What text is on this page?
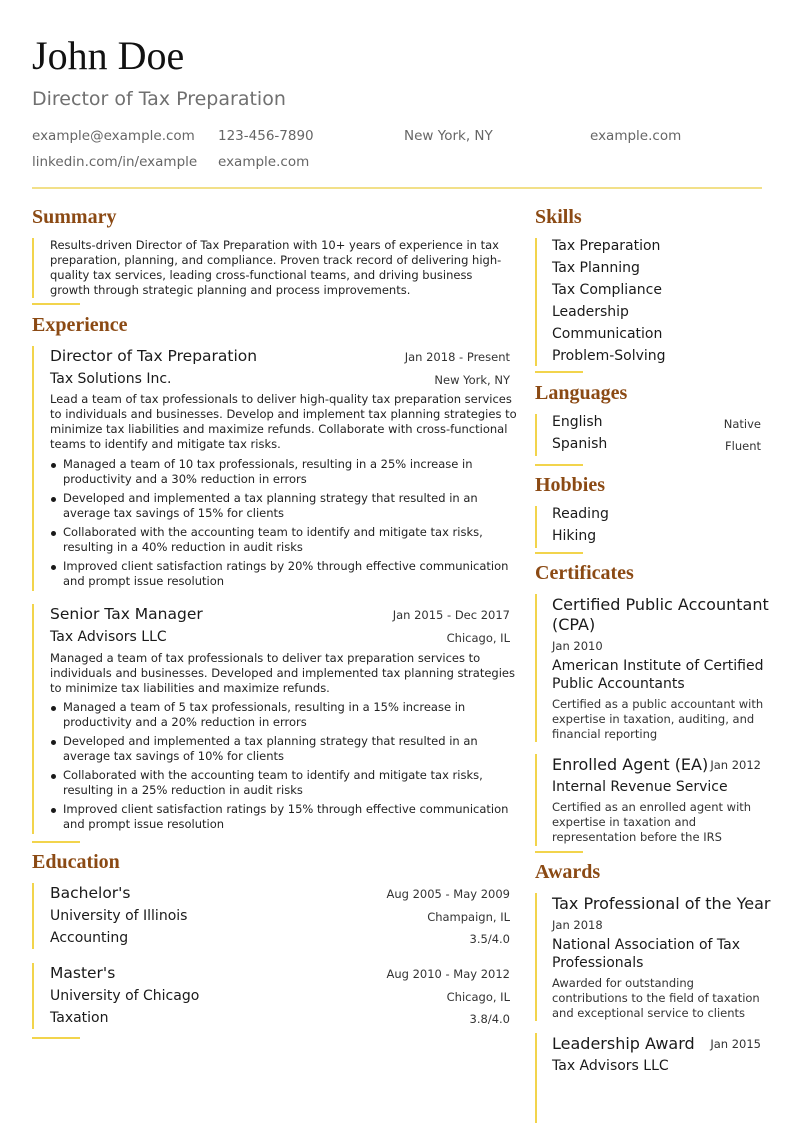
John Doe
Director of Tax Preparation
example@example.com 123-456-7890	New York, NY	example.com
linkedin.com/in/example example.com
Summary
Results-driven Director of Tax Preparation with 10+ years of experience in tax
preparation, planning, and compliance. Proven track record of delivering high-
quality tax services, leading cross-functional teams, and driving business
growth through strategic planning and process improvements.
Experience
Director of Tax Preparation	Jan 2018 - Present
Tax Solutions Inc.	New York, NY
Lead a team of tax professionals to deliver high-quality tax preparation services
to individuals and businesses. Develop and implement tax planning strategies to
minimize tax liabilities and maximize refunds. Collaborate with cross-functional
teams to identify and mitigate tax risks.
Managed a team of 10 tax professionals, resulting in a 25% increase in
productivity and a 30% reduction in errors
Developed and implemented a tax planning strategy that resulted in an
average tax savings of 15% for clients
Collaborated with the accounting team to identify and mitigate tax risks,
resulting in a 40% reduction in audit risks
Improved client satisfaction ratings by 20% through effective communication
and prompt issue resolution
Senior Tax Manager	Jan 2015 - Dec 2017
Tax Advisors LLC	Chicago, IL
Managed a team of tax professionals to deliver tax preparation services to
individuals and businesses. Developed and implemented tax planning strategies
to minimize tax liabilities and maximize refunds.
Managed a team of 5 tax professionals, resulting in a 15% increase in
productivity and a 20% reduction in errors
Developed and implemented a tax planning strategy that resulted in an
average tax savings of 10% for clients
Collaborated with the accounting team to identify and mitigate tax risks,
resulting in a 25% reduction in audit risks
Improved client satisfaction ratings by 15% through effective communication
and prompt issue resolution
Education
Bachelor's	Aug 2005 - May 2009
University of Illinois	Champaign, IL
Accounting	3.5/4.0
Master's	Aug 2010 - May 2012
University of Chicago	Chicago, IL
Taxation	3.8/4.0
Skills
Tax Preparation
Tax Planning
Tax Compliance
Leadership
Communication
Problem-Solving
Languages
English	Native
Spanish	Fluent
Hobbies
Reading
Hiking
Certificates
Certified Public Accountant
(CPA)
Jan 2010
American Institute of Certified
Public Accountants
Certified as a public accountant with
expertise in taxation, auditing, and
financial reporting
Enrolled Agent (EA) Jan 2012
Internal Revenue Service
Certified as an enrolled agent with
expertise in taxation and
representation before the IRS
Awards
Tax Professional of the Year
Jan 2018
National Association of Tax
Professionals
Awarded for outstanding
contributions to the field of taxation
and exceptional service to clients
Leadership Award Jan 2015
Tax Advisors LLC
